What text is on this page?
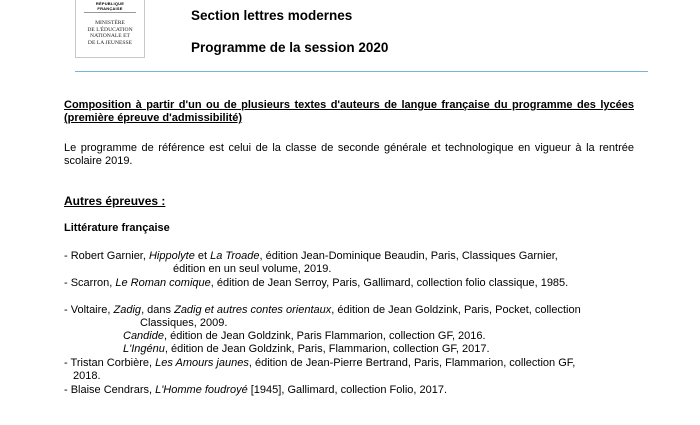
RÉPUBLIQUE FRANÇAISE
MINISTÈRE
DE L'ÉDUCATION
NATIONALE ET
DE LA JEUNESSE
Section lettres modernes
Programme de la session 2020
Composition à partir d'un ou de plusieurs textes d'auteurs de langue française du programme des lycées (première épreuve d'admissibilité)
Le programme de référence est celui de la classe de seconde générale et technologique en vigueur à la rentrée scolaire 2019.
Autres épreuves :
Littérature française
- Robert Garnier, Hippolyte et La Troade, édition Jean-Dominique Beaudin, Paris, Classiques Garnier,
édition en un seul volume, 2019.
- Scarron, Le Roman comique, édition de Jean Serroy, Paris, Gallimard, collection folio classique, 1985.
- Voltaire, Zadig, dans Zadig et autres contes orientaux, édition de Jean Goldzink, Paris, Pocket, collection
Classiques, 2009.
Candide, édition de Jean Goldzink, Paris Flammarion, collection GF, 2016.
L'Ingénu, édition de Jean Goldzink, Paris, Flammarion, collection GF, 2017.
- Tristan Corbière, Les Amours jaunes, édition de Jean-Pierre Bertrand, Paris, Flammarion, collection GF,
2018.
- Blaise Cendrars, L'Homme foudroyé [1945], Gallimard, collection Folio, 2017.
